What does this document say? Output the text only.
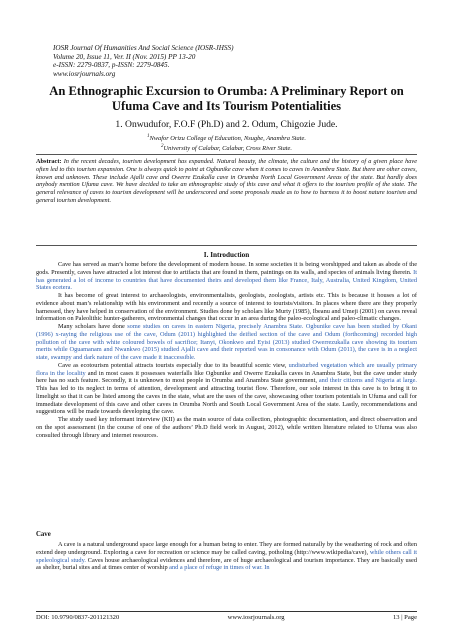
IOSR Journal Of Humanities And Social Science (IOSR-JHSS)
Volume 20, Issue 11, Ver. II (Nov. 2015) PP 13-20
e-ISSN: 2279-0837, p-ISSN: 2279-0845.
www.iosrjournals.org
An Ethnographic Excursion to Orumba: A Preliminary Report on Ufuma Cave and Its Tourism Potentialities
1. Onwudufor, F.O.F (Ph.D) and 2. Odum, Chigozie Jude.
$^1$Nwafor Orizu College of Education, Nsugbe, Anambra State.
$^2$University of Calabar, Calabar, Cross River State.
Abstract: In the recent decades, tourism development has expanded. Natural beauty, the climate, the culture and the history of a given place have often led to this tourism expansion. One is always quick to point at Ogbunike cave when it comes to caves in Anambra State. But there are other caves, known and unknown. These include Ajalli cave and Owerre Ezukalla cave in Orumba North Local Government Areas of the state. But hardly does anybody mention Ufuma cave. We have decided to take an ethnographic study of this cave and what it offers to the tourism profile of the state. The general relevance of caves to tourism development will be underscored and some proposals made as to how to harness it to boost nature tourism and general tourism development.
I. Introduction

Cave has served as man’s home before the development of modern house. In some societies it is being worshipped and taken as abode of the gods. Presently, caves have attracted a lot interest due to artifacts that are found in them, paintings on its walls, and species of animals living therein. It has generated a lot of income to countries that have documented theirs and developed them like France, Italy, Australia, United Kingdom, United States ecetera.

It has become of great interest to archaeologists, environmentalists, geologists, zoologists, artists etc. This is because it houses a lot of evidence about man’s relationship with his environment and recently a source of interest to tourists/visitors. In places where there are they properly harnessed, they have helped in conservation of the environment. Studies done by scholars like Murty (1985), Ibeanu and Umeji (2001) on caves reveal information on Paleolithic hunter-gatherers, environmental changes that occur in an area during the paleo-ecological and paleo-climatic changes.

Many scholars have done some studies on caves in eastern Nigeria, precisely Anambra State. Ogbunike cave has been studied by Okani (1996) x-raying the religious use of the cave, Odum (2011) highlighted the deified section of the cave and Odum (forthcoming) recorded high pollution of the cave with white coloured bowels of sacrifice; Itanyi, Okonkwo and Eyisi (2013) studied Owerrezukalla cave showing its tourism merits while Oguamanam and Nwankwo (2015) studied Ajalli cave and their reported was in consonance with Odum (2011), the cave is in a neglect state, swampy and dark nature of the cave made it inaccessible.

Cave as ecotourism potential attracts tourists especially due to its beautiful scenic view, undisturbed vegetation which are usually primary flora in the locality and in most cases it possesses waterfalls like Ogbunike and Owerre Ezukalla caves in Anambra State, but the cave under study here has no such feature. Secondly, it is unknown to most people in Orumba and Anambra State government, and their citizens and Nigeria at large. This has led to its neglect in terms of attention, development and attracting tourist flow. Therefore, our sole interest in this cave is to bring it to limelight so that it can be listed among the caves in the state, what are the uses of the cave, showcasing other tourism potentials in Ufuma and call for immediate development of this cave and other caves in Orumba North and South Local Government Area of the state. Lastly, recommendations and suggestions will be made towards developing the cave.

The study used key informant interview (KII) as the main source of data collection, photographic documentation, and direct observation and on the spot assessment (in the course of one of the authors’ Ph.D field work in August, 2012), while written literature related to Ufuma was also consulted through library and internet resources.

Cave

A cave is a natural underground space large enough for a human being to enter. They are formed naturally by the weathering of rock and often extend deep underground. Exploring a cave for recreation or science may be called caving, potholing (http://www.wikipedia/cave), while others call it speleological study. Caves house archaeological evidences and therefore, are of huge archaeological and tourism importance. They are basically used as shelter, burial sites and at times center of worship and a place of refuge in times of war. In

DOI: 10.9790/0837-201121320	www.iosrjournals.org	13 | Page
